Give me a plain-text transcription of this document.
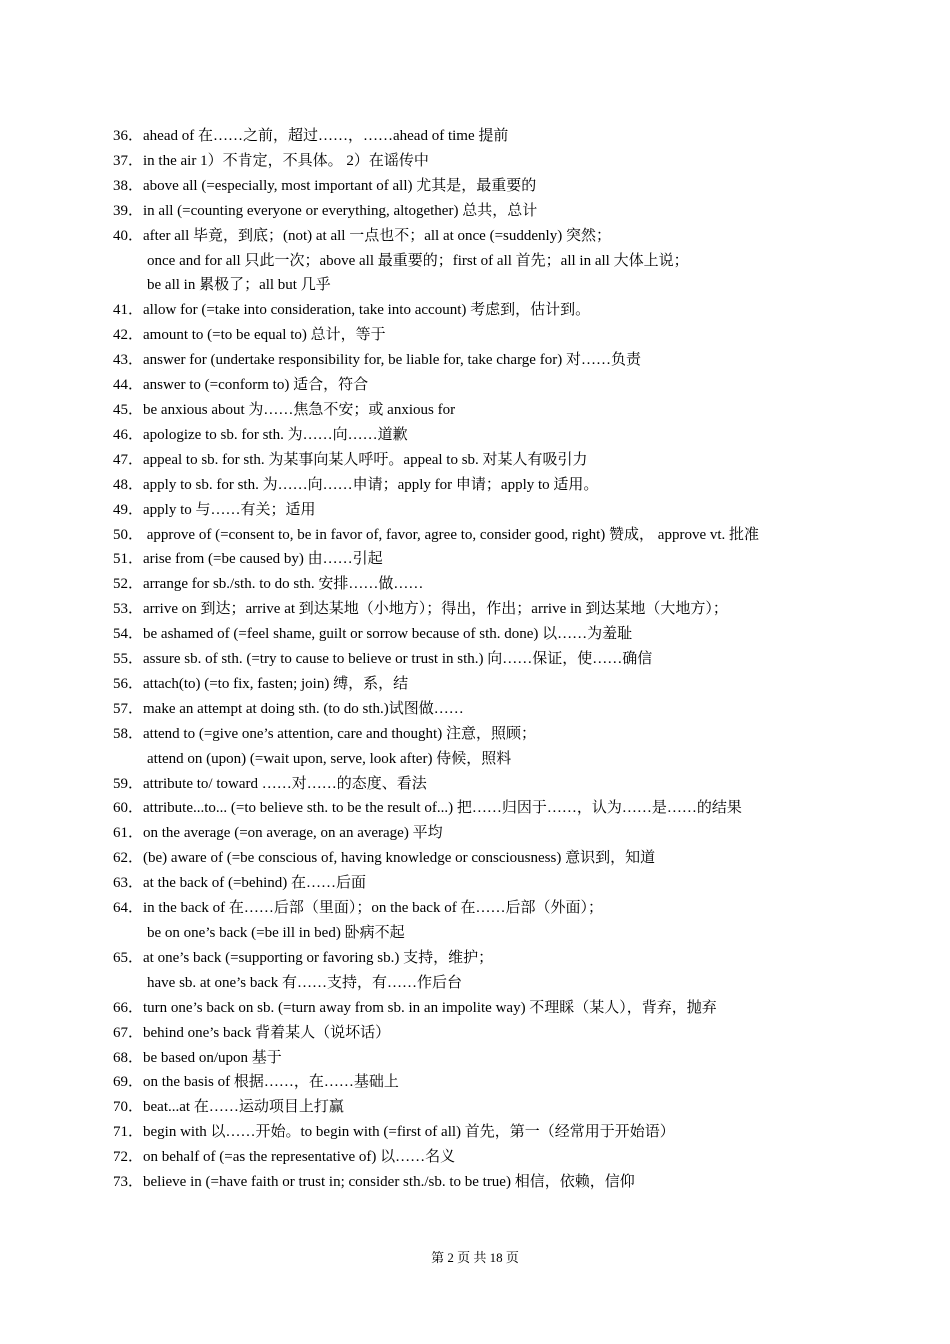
36．ahead of 在……之前，超过……，……ahead of time 提前
37．in the air 1）不肯定，不具体。 2）在谣传中
38．above all (=especially, most important of all) 尤其是，最重要的
39．in all (=counting everyone or everything, altogether) 总共，总计
40．after all 毕竟，到底；(not) at all 一点也不；all at once (=suddenly) 突然；
once and for all 只此一次；above all 最重要的；first of all 首先；all in all 大体上说；
be all in 累极了；all but 几乎
41．allow for (=take into consideration, take into account) 考虑到，估计到。
42．amount to (=to be equal to) 总计，等于
43．answer for (undertake responsibility for, be liable for, take charge for) 对……负责
44．answer to (=conform to) 适合，符合
45．be anxious about 为……焦急不安；或 anxious for
46．apologize to sb. for sth. 为……向……道歉
47．appeal to sb. for sth. 为某事向某人呼吁。appeal to sb. 对某人有吸引力
48．apply to sb. for sth. 为……向……申请；apply for 申请；apply to 适用。
49．apply to 与……有关；适用
50． approve of (=consent to, be in favor of, favor, agree to, consider good, right) 赞成， approve vt. 批准
51．arise from (=be caused by) 由……引起
52．arrange for sb./sth. to do sth. 安排……做……
53．arrive on 到达；arrive at 到达某地（小地方）；得出，作出；arrive in 到达某地（大地方）；
54．be ashamed of (=feel shame, guilt or sorrow because of sth. done) 以……为羞耻
55．assure sb. of sth. (=try to cause to believe or trust in sth.) 向……保证，使……确信
56．attach(to) (=to fix, fasten; join) 缚，系，结
57．make an attempt at doing sth. (to do sth.)试图做……
58．attend to (=give one’s attention, care and thought) 注意，照顾；
attend on (upon) (=wait upon, serve, look after) 侍候，照料
59．attribute to/ toward ……对……的态度、看法
60．attribute...to... (=to believe sth. to be the result of...) 把……归因于……，认为……是……的结果
61．on the average (=on average, on an average) 平均
62．(be) aware of (=be conscious of, having knowledge or consciousness) 意识到，知道
63．at the back of (=behind) 在……后面
64．in the back of 在……后部（里面）；on the back of 在……后部（外面）；
be on one’s back (=be ill in bed) 卧病不起
65．at one’s back (=supporting or favoring sb.) 支持，维护；
have sb. at one’s back 有……支持，有……作后台
66．turn one’s back on sb. (=turn away from sb. in an impolite way) 不理睬（某人），背弃，抛弃
67．behind one’s back 背着某人（说坏话）
68．be based on/upon 基于
69．on the basis of 根据……，在……基础上
70．beat...at 在……运动项目上打赢
71．begin with 以……开始。to begin with (=first of all) 首先，第一（经常用于开始语）
72．on behalf of (=as the representative of) 以……名义
73．believe in (=have faith or trust in; consider sth./sb. to be true) 相信，依赖，信仰
第 2 页 共 18 页
